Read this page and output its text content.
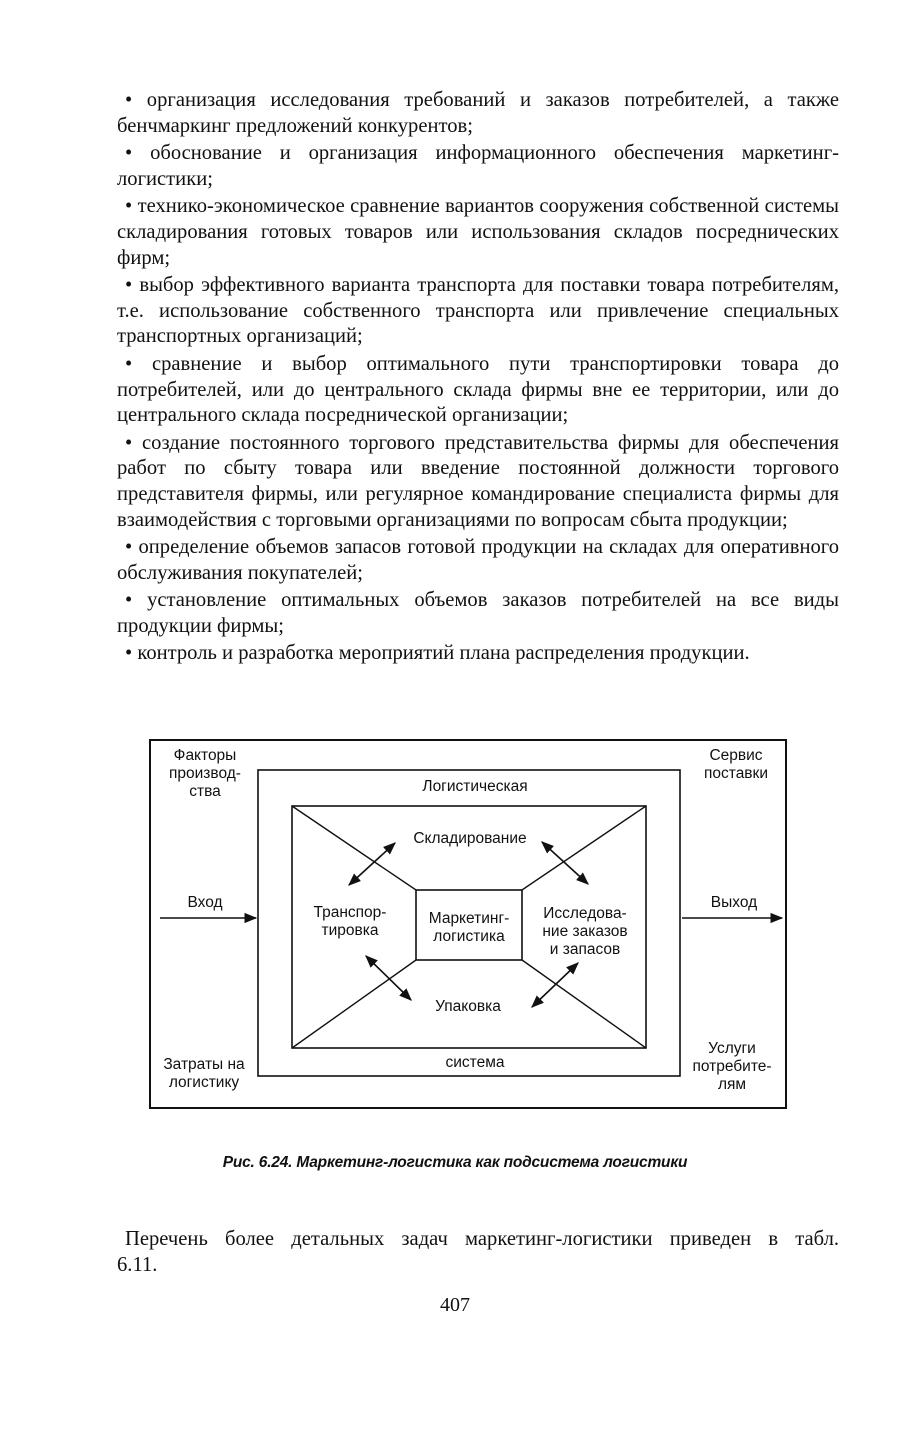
• организация исследования требований и заказов потребителей, а также бенчмаркинг предложений конкурентов;
• обоснование и организация информационного обеспечения маркетинг-логистики;
• технико-экономическое сравнение вариантов сооружения собственной системы складирования готовых товаров или использования складов посреднических фирм;
• выбор эффективного варианта транспорта для поставки товара потребителям, т.е. использование собственного транспорта или привлечение специальных транспортных организаций;
• сравнение и выбор оптимального пути транспортировки товара до потребителей, или до центрального склада фирмы вне ее территории, или до центрального склада посреднической организации;
• создание постоянного торгового представительства фирмы для обеспечения работ по сбыту товара или введение постоянной должности торгового представителя фирмы, или регулярное командирование специалиста фирмы для взаимодействия с торговыми организациями по вопросам сбыта продукции;
• определение объемов запасов готовой продукции на складах для оперативного обслуживания покупателей;
• установление оптимальных объемов заказов потребителей на все виды продукции фирмы;
• контроль и разработка мероприятий плана распределения продукции.
Факторы
производ-
ства
Сервис
поставки
Вход	Выход
Затраты на
логистику
Услуги
потребите-
лям
Логистическая
система
Складирование
Транспор-
тировка
Маркетинг-
логистика
Исследова-
ние заказов
и запасов
Упаковка
Рис. 6.24. Маркетинг-логистика как подсистема логистики
Перечень более детальных задач маркетинг-логистики приведен в табл. 6.11.
407
